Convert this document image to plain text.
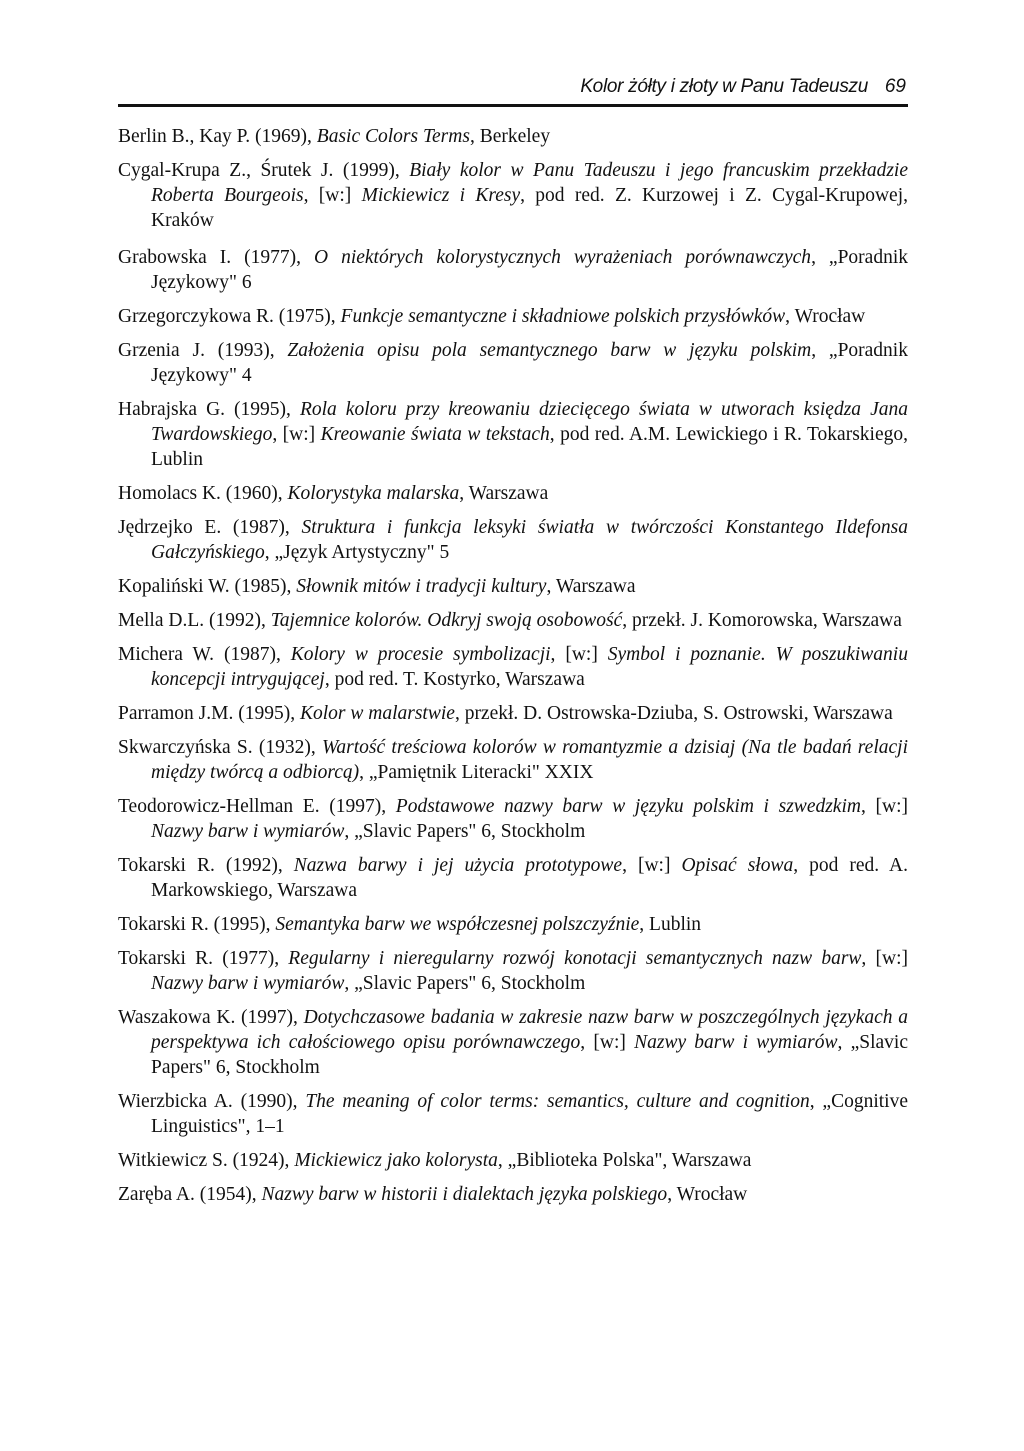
Kolor żółty i złoty w Panu Tadeuszu 69
Berlin B., Kay P. (1969), Basic Colors Terms, Berkeley
Cygal-Krupa Z., Śrutek J. (1999), Biały kolor w Panu Tadeuszu i jego francuskim przekładzie Roberta Bourgeois, [w:] Mickiewicz i Kresy, pod red. Z. Kurzowej i Z. Cygal-Krupowej, Kraków
Grabowska I. (1977), O niektórych kolorystycznych wyrażeniach porównawczych, „Poradnik Językowy" 6
Grzegorczykowa R. (1975), Funkcje semantyczne i składniowe polskich przysłówków, Wrocław
Grzenia J. (1993), Założenia opisu pola semantycznego barw w języku polskim, „Poradnik Językowy" 4
Habrajska G. (1995), Rola koloru przy kreowaniu dziecięcego świata w utworach księdza Jana Twardowskiego, [w:] Kreowanie świata w tekstach, pod red. A.M. Lewickiego i R. Tokarskiego, Lublin
Homolacs K. (1960), Kolorystyka malarska, Warszawa
Jędrzejko E. (1987), Struktura i funkcja leksyki światła w twórczości Konstantego Ildefonsa Gałczyńskiego, „Język Artystyczny" 5
Kopaliński W. (1985), Słownik mitów i tradycji kultury, Warszawa
Mella D.L. (1992), Tajemnice kolorów. Odkryj swoją osobowość, przekł. J. Komorowska, Warszawa
Michera W. (1987), Kolory w procesie symbolizacji, [w:] Symbol i poznanie. W poszukiwaniu koncepcji intrygującej, pod red. T. Kostyrko, Warszawa
Parramon J.M. (1995), Kolor w malarstwie, przekł. D. Ostrowska-Dziuba, S. Ostrowski, Warszawa
Skwarczyńska S. (1932), Wartość treściowa kolorów w romantyzmie a dzisiaj (Na tle badań relacji między twórcą a odbiorcą), „Pamiętnik Literacki" XXIX
Teodorowicz-Hellman E. (1997), Podstawowe nazwy barw w języku polskim i szwedzkim, [w:] Nazwy barw i wymiarów, „Slavic Papers" 6, Stockholm
Tokarski R. (1992), Nazwa barwy i jej użycia prototypowe, [w:] Opisać słowa, pod red. A. Markowskiego, Warszawa
Tokarski R. (1995), Semantyka barw we współczesnej polszczyźnie, Lublin
Tokarski R. (1977), Regularny i nieregularny rozwój konotacji semantycznych nazw barw, [w:] Nazwy barw i wymiarów, „Slavic Papers" 6, Stockholm
Waszakowa K. (1997), Dotychczasowe badania w zakresie nazw barw w poszczególnych językach a perspektywa ich całościowego opisu porównawczego, [w:] Nazwy barw i wymiarów, „Slavic Papers" 6, Stockholm
Wierzbicka A. (1990), The meaning of color terms: semantics, culture and cognition, „Cognitive Linguistics", 1–1
Witkiewicz S. (1924), Mickiewicz jako kolorysta, „Biblioteka Polska", Warszawa
Zaręba A. (1954), Nazwy barw w historii i dialektach języka polskiego, Wrocław
